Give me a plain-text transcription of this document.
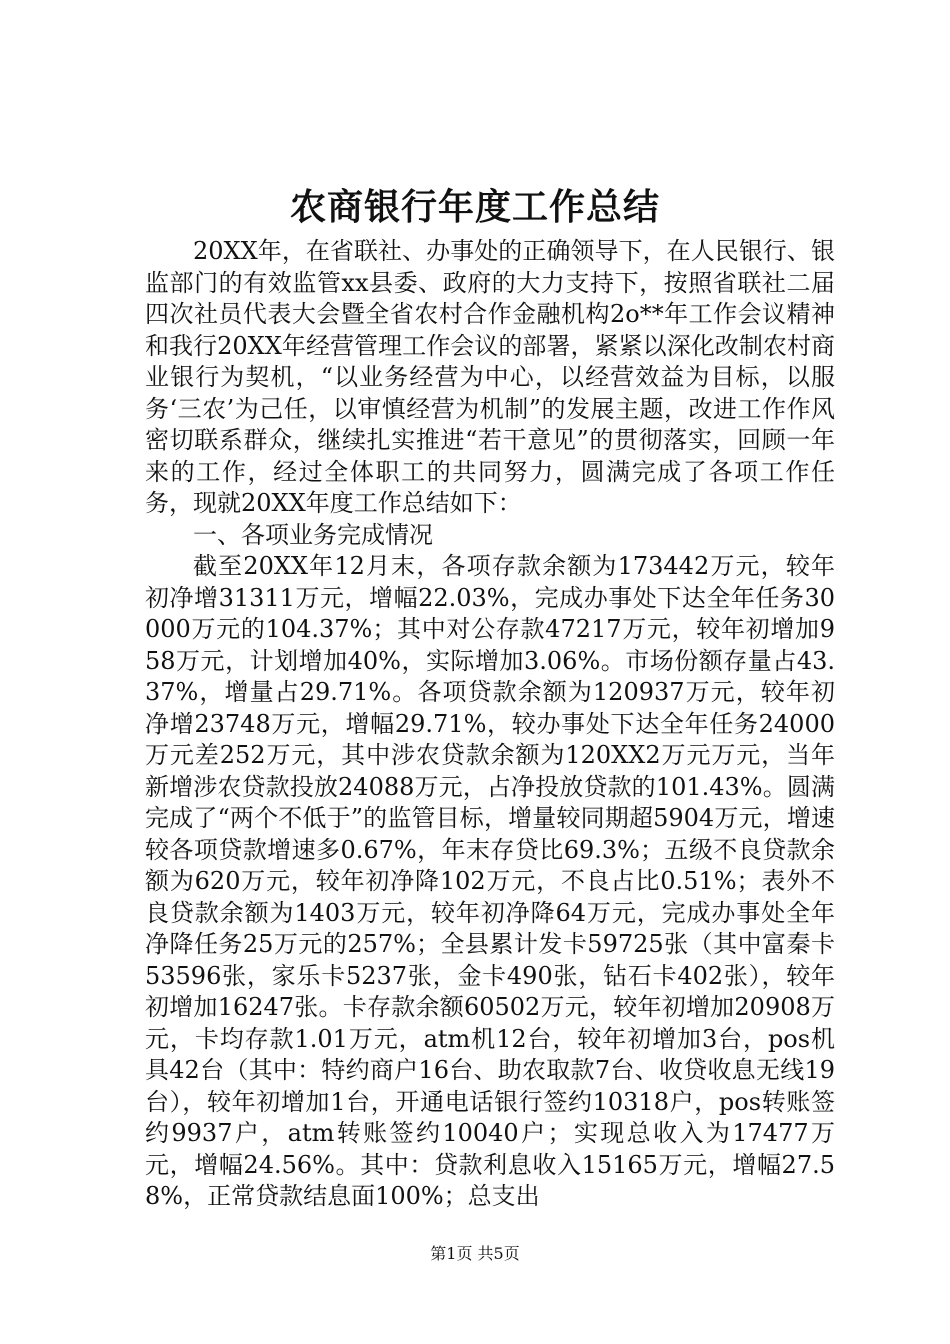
农商银行年度工作总结

20XX年，在省联社、办事处的正确领导下，在人民银行、银监部门的有效监管xx县委、政府的大力支持下，按照省联社二届四次社员代表大会暨全省农村合作金融机构2o**年工作会议精神和我行20XX年经营管理工作会议的部署，紧紧以深化改制农村商业银行为契机，“以业务经营为中心，以经营效益为目标，以服务‘三农’为己任，以审慎经营为机制”的发展主题，改进工作作风密切联系群众，继续扎实推进“若干意见”的贯彻落实，回顾一年来的工作，经过全体职工的共同努力，圆满完成了各项工作任务，现就20XX年度工作总结如下：

一、各项业务完成情况

截至20XX年12月末，各项存款余额为173442万元，较年初净增31311万元，增幅22.03%，完成办事处下达全年任务30000万元的104.37%；其中对公存款47217万元，较年初增加958万元，计划增加40%，实际增加3.06%。市场份额存量占43.37%，增量占29.71%。各项贷款余额为120937万元，较年初净增23748万元，增幅29.71%，较办事处下达全年任务24000万元差252万元，其中涉农贷款余额为120XX2万元万元，当年新增涉农贷款投放24088万元，占净投放贷款的101.43%。圆满完成了“两个不低于”的监管目标，增量较同期超5904万元，增速较各项贷款增速多0.67%，年末存贷比69.3%；五级不良贷款余额为620万元，较年初净降102万元，不良占比0.51%；表外不良贷款余额为1403万元，较年初净降64万元，完成办事处全年净降任务25万元的257%；全县累计发卡59725张（其中富秦卡53596张，家乐卡5237张，金卡490张，钻石卡402张），较年初增加16247张。卡存款余额60502万元，较年初增加20908万元，卡均存款1.01万元，atm机12台，较年初增加3台，pos机具42台（其中：特约商户16台、助农取款7台、收贷收息无线19台），较年初增加1台，开通电话银行签约10318户，pos转账签约9937户，atm转账签约10040户；实现总收入为17477万元，增幅24.56%。其中：贷款利息收入15165万元，增幅27.58%，正常贷款结息面100%；总支出

第1页 共5页
